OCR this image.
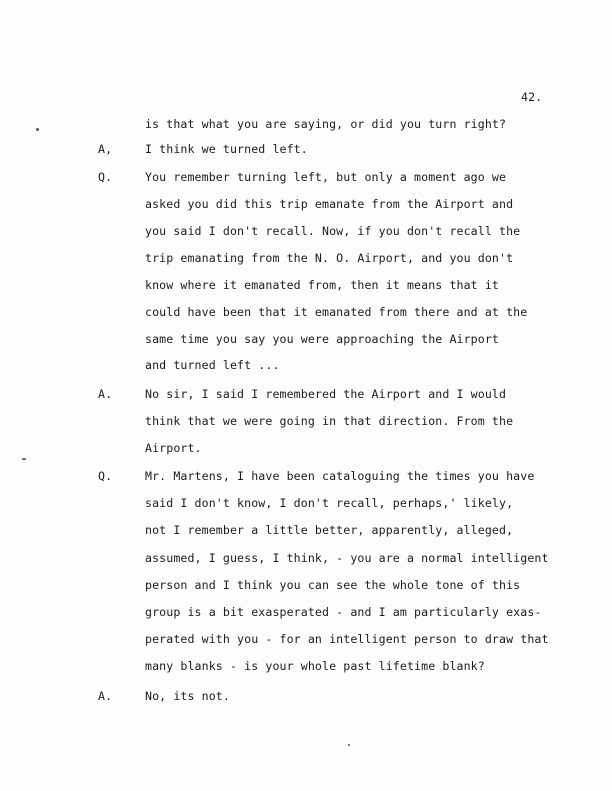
42.
is that what you are saying, or did you turn right?
A,	I think we turned left.
Q.	You remember turning left, but only a moment ago we
asked you did this trip emanate from the Airport and
you said I don't recall. Now, if you don't recall the
trip emanating from the N. O. Airport, and you don't
know where it emanated from, then it means that it
could have been that it emanated from there and at the
same time you say you were approaching the Airport
and turned left ...
A.	No sir, I said I remembered the Airport and I would
think that we were going in that direction. From the
Airport.
Q.	Mr. Martens, I have been cataloguing the times you have
said I don't know, I don't recall, perhaps,' likely,
not I remember a little better, apparently, alleged,
assumed, I guess, I think, - you are a normal intelligent
person and I think you can see the whole tone of this
group is a bit exasperated - and I am particularly exas-
perated with you - for an intelligent person to draw that
many blanks - is your whole past lifetime blank?
A.	No, its not.
